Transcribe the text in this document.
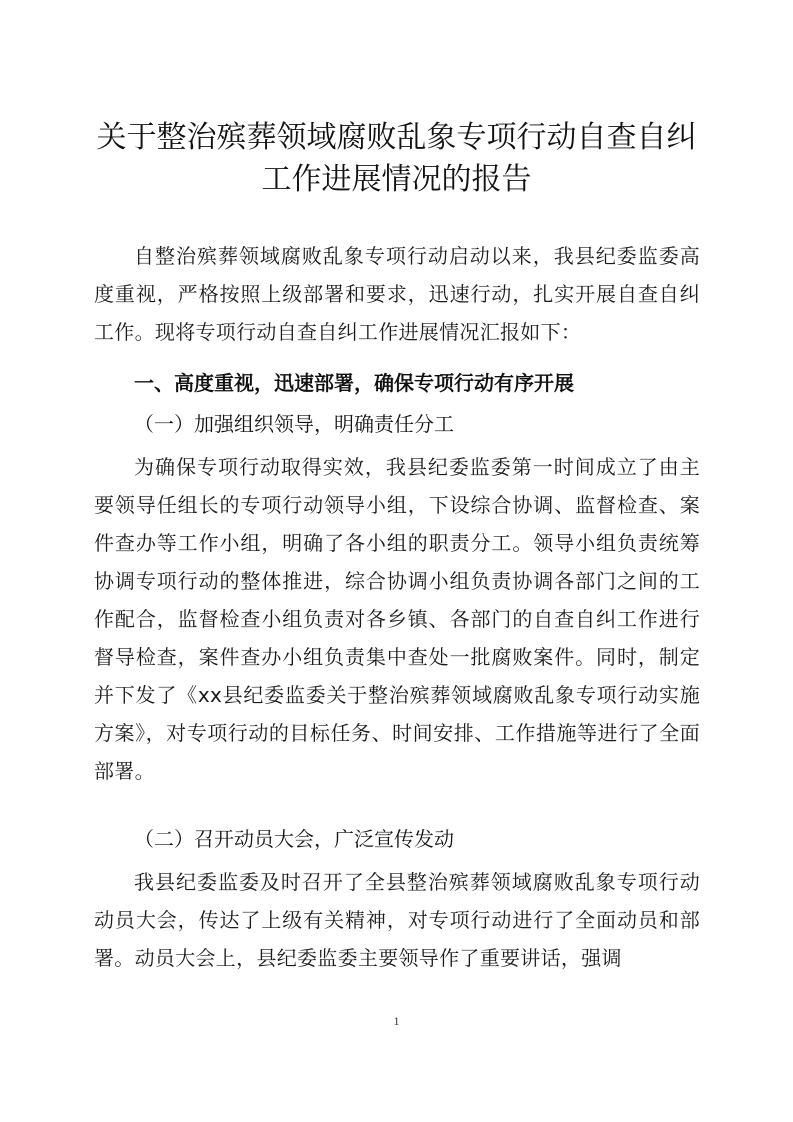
关于整治殡葬领域腐败乱象专项行动自查自纠
工作进展情况的报告

自整治殡葬领域腐败乱象专项行动启动以来，我县纪委监委高度重视，严格按照上级部署和要求，迅速行动，扎实开展自查自纠工作。现将专项行动自查自纠工作进展情况汇报如下：

一、高度重视，迅速部署，确保专项行动有序开展
（一）加强组织领导，明确责任分工

为确保专项行动取得实效，我县纪委监委第一时间成立了由主要领导任组长的专项行动领导小组，下设综合协调、监督检查、案件查办等工作小组，明确了各小组的职责分工。领导小组负责统筹协调专项行动的整体推进，综合协调小组负责协调各部门之间的工作配合，监督检查小组负责对各乡镇、各部门的自查自纠工作进行督导检查，案件查办小组负责集中查处一批腐败案件。同时，制定并下发了《xx县纪委监委关于整治殡葬领域腐败乱象专项行动实施方案》，对专项行动的目标任务、时间安排、工作措施等进行了全面部署。

（二）召开动员大会，广泛宣传发动

我县纪委监委及时召开了全县整治殡葬领域腐败乱象专项行动动员大会，传达了上级有关精神，对专项行动进行了全面动员和部署。动员大会上，县纪委监委主要领导作了重要讲话，强调

1
